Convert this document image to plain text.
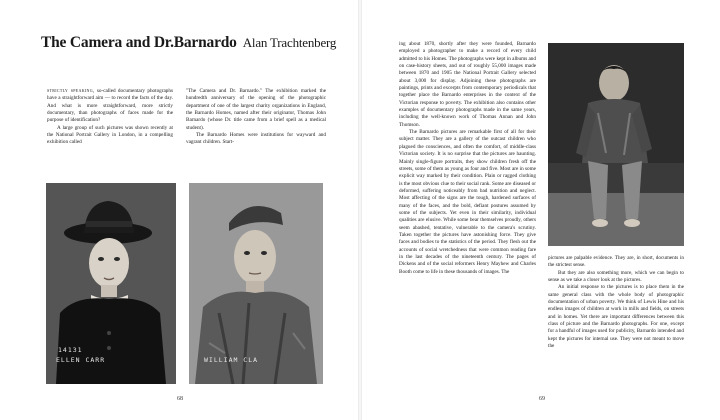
The Camera and Dr.Barnardo Alan Trachtenberg

strictly speaking, so-called documentary photographs have a straightforward aim — to record the facts of the day. And what is more straightforward, more strictly documentary, than photographs of faces made for the purpose of identification?

A large group of such pictures was shown recently at the National Portrait Gallery in London, in a compelling exhibition called

"The Camera and Dr. Barnardo." The exhibition marked the hundredth anniversary of the opening of the photographic department of one of the largest charity organizations in England, the Barnardo Homes, named after their originator, Thomas John Barnardo (whose Dr. title came from a brief spell as a medical student).

The Barnardo Homes were institutions for wayward and vagrant children. Start-

14131
ELLEN CARR	WILLIAM CLA
68

ing about 1870, shortly after they were founded, Barnardo employed a photographer to make a record of every child admitted to his Homes. The photographs were kept in albums and on case-history sheets, and out of roughly 55,000 images made between 1870 and 1905 the National Portrait Gallery selected about 3,000 for display. Adjoining these photographs are paintings, prints and excerpts from contemporary periodicals that together place the Barnardo enterprises in the context of the Victorian response to poverty. The exhibition also contains other examples of documentary photographs made in the same years, including the well-known work of Thomas Annan and John Thomson.

The Barnardo pictures are remarkable first of all for their subject matter. They are a gallery of the outcast children who plagued the consciences, and often the comfort, of middle-class Victorian society. It is no surprise that the pictures are haunting. Mainly single-figure portraits, they show children fresh off the streets, some of them as young as four and five. Most are in some explicit way marked by their condition. Plain or ragged clothing is the most obvious clue to their social rank. Some are diseased or deformed, suffering noticeably from bad nutrition and neglect. Most affecting of the signs are the tough, hardened surfaces of many of the faces, and the bold, defiant postures assumed by some of the subjects. Yet even in their similarity, individual qualities are elusive. While some bear themselves proudly, others seem abashed, tentative, vulnerable to the camera's scrutiny. Taken together the pictures have astonishing force. They give faces and bodies to the statistics of the period. They flesh out the accounts of social wretchedness that were common reading fare in the last decades of the nineteenth century. The pages of Dickens and of the social reformers Henry Mayhew and Charles Booth come to life in these thousands of images. The

pictures are palpable evidence. They are, in short, documents in the strictest sense.

But they are also something more, which we can begin to sense as we take a closer look at the pictures.

An initial response to the pictures is to place them in the same general class with the whole body of photographic documentation of urban poverty. We think of Lewis Hine and his endless images of children at work in mills and fields, on streets and in homes. Yet there are important differences between this class of picture and the Barnardo photographs. For one, except for a handful of images used for publicity, Barnardo intended and kept the pictures for internal use. They were not meant to move the

69
